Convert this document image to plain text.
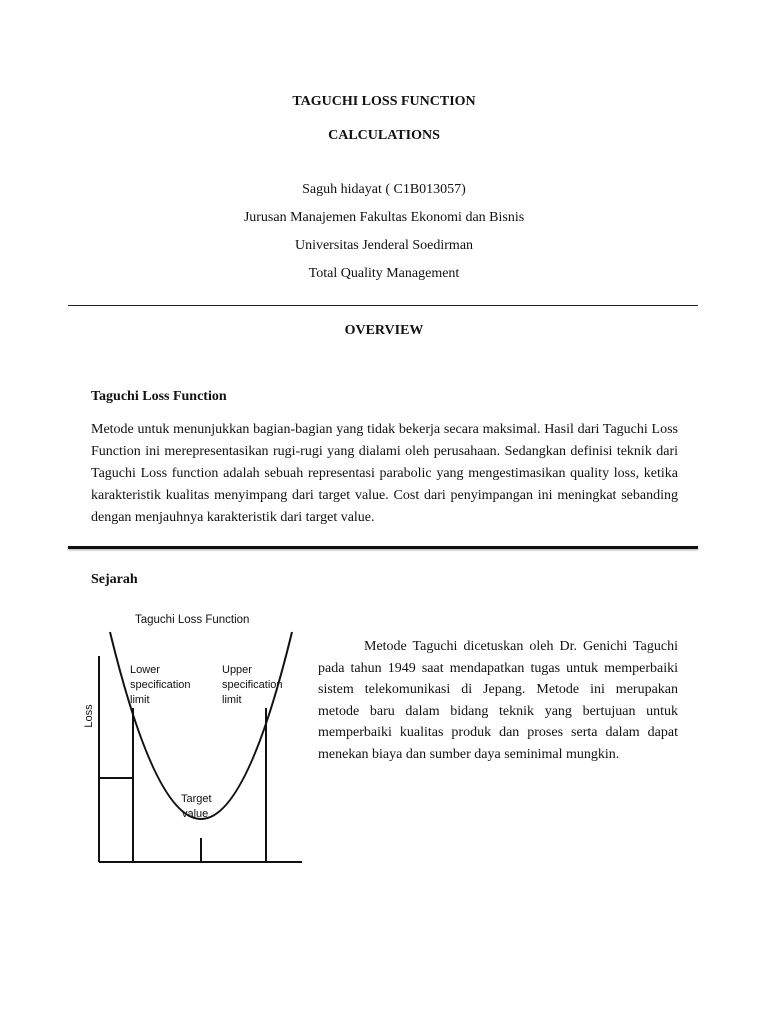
TAGUCHI LOSS FUNCTION
CALCULATIONS
Saguh hidayat ( C1B013057)
Jurusan Manajemen Fakultas Ekonomi dan Bisnis
Universitas Jenderal Soedirman
Total Quality Management
OVERVIEW
Taguchi Loss Function

Metode untuk menunjukkan bagian-bagian yang tidak bekerja secara maksimal. Hasil dari Taguchi Loss Function ini merepresentasikan rugi-rugi yang dialami oleh perusahaan. Sedangkan definisi teknik dari Taguchi Loss function adalah sebuah representasi parabolic yang mengestimasikan quality loss, ketika karakteristik kualitas menyimpang dari target value. Cost dari penyimpangan ini meningkat sebanding dengan menjauhnya karakteristik dari target value.

Sejarah
Taguchi Loss Function
Lower
specification
limit
Upper
specification
limit
Loss
Target
value

Metode Taguchi dicetuskan oleh Dr. Genichi Taguchi pada tahun 1949 saat mendapatkan tugas untuk memperbaiki sistem telekomunikasi di Jepang. Metode ini merupakan metode baru dalam bidang teknik yang bertujuan untuk memperbaiki kualitas produk dan proses serta dalam dapat menekan biaya dan sumber daya seminimal mungkin.
